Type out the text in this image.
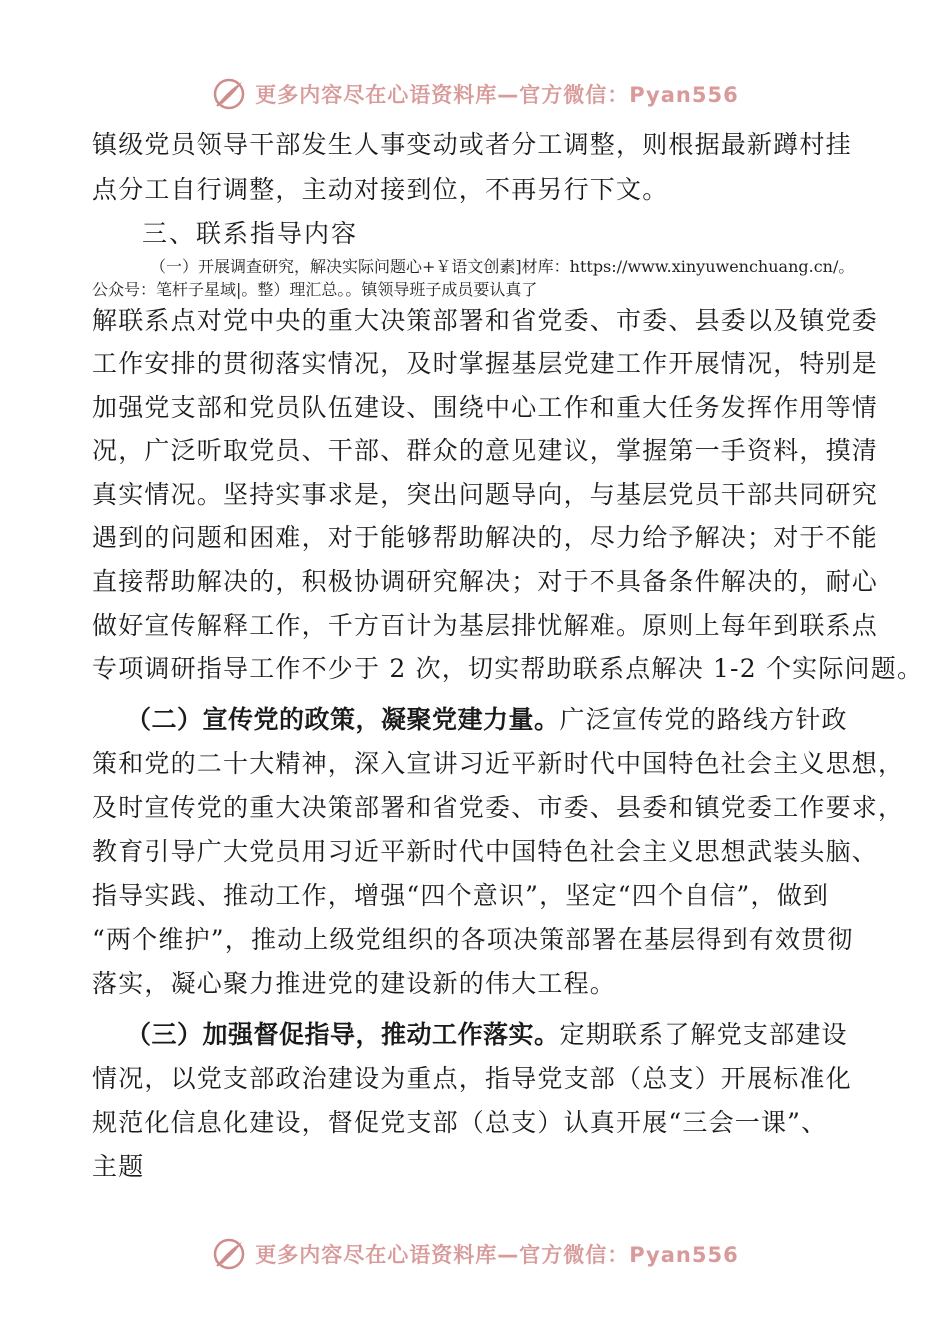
更多内容尽在心语资料库—官方微信：Pyan556
镇级党员领导干部发生人事变动或者分工调整，则根据最新蹲村挂
点分工自行调整，主动对接到位，不再另行下文。
三、联系指导内容
（一）开展调查研究，解决实际问题心+￥语文创素]材库：https://www.xinyuwenchuang.cn/。
公众号：笔杆子星域|。整）理汇总。。镇领导班子成员要认真了
解联系点对党中央的重大决策部署和省党委、市委、县委以及镇党委
工作安排的贯彻落实情况，及时掌握基层党建工作开展情况，特别是
加强党支部和党员队伍建设、围绕中心工作和重大任务发挥作用等情
况，广泛听取党员、干部、群众的意见建议，掌握第一手资料，摸清
真实情况。坚持实事求是，突出问题导向，与基层党员干部共同研究
遇到的问题和困难，对于能够帮助解决的，尽力给予解决；对于不能
直接帮助解决的，积极协调研究解决；对于不具备条件解决的，耐心
做好宣传解释工作，千方百计为基层排忧解难。原则上每年到联系点
专项调研指导工作不少于 2 次，切实帮助联系点解决 1-2 个实际问题。
（二）宣传党的政策，凝聚党建力量。广泛宣传党的路线方针政
策和党的二十大精神，深入宣讲习近平新时代中国特色社会主义思想，
及时宣传党的重大决策部署和省党委、市委、县委和镇党委工作要求，
教育引导广大党员用习近平新时代中国特色社会主义思想武装头脑、
指导实践、推动工作，增强“四个意识”，坚定“四个自信”，做到
“两个维护”，推动上级党组织的各项决策部署在基层得到有效贯彻
落实，凝心聚力推进党的建设新的伟大工程。
（三）加强督促指导，推动工作落实。定期联系了解党支部建设
情况，以党支部政治建设为重点，指导党支部（总支）开展标准化
规范化信息化建设，督促党支部（总支）认真开展“三会一课”、
主题
更多内容尽在心语资料库—官方微信：Pyan556
